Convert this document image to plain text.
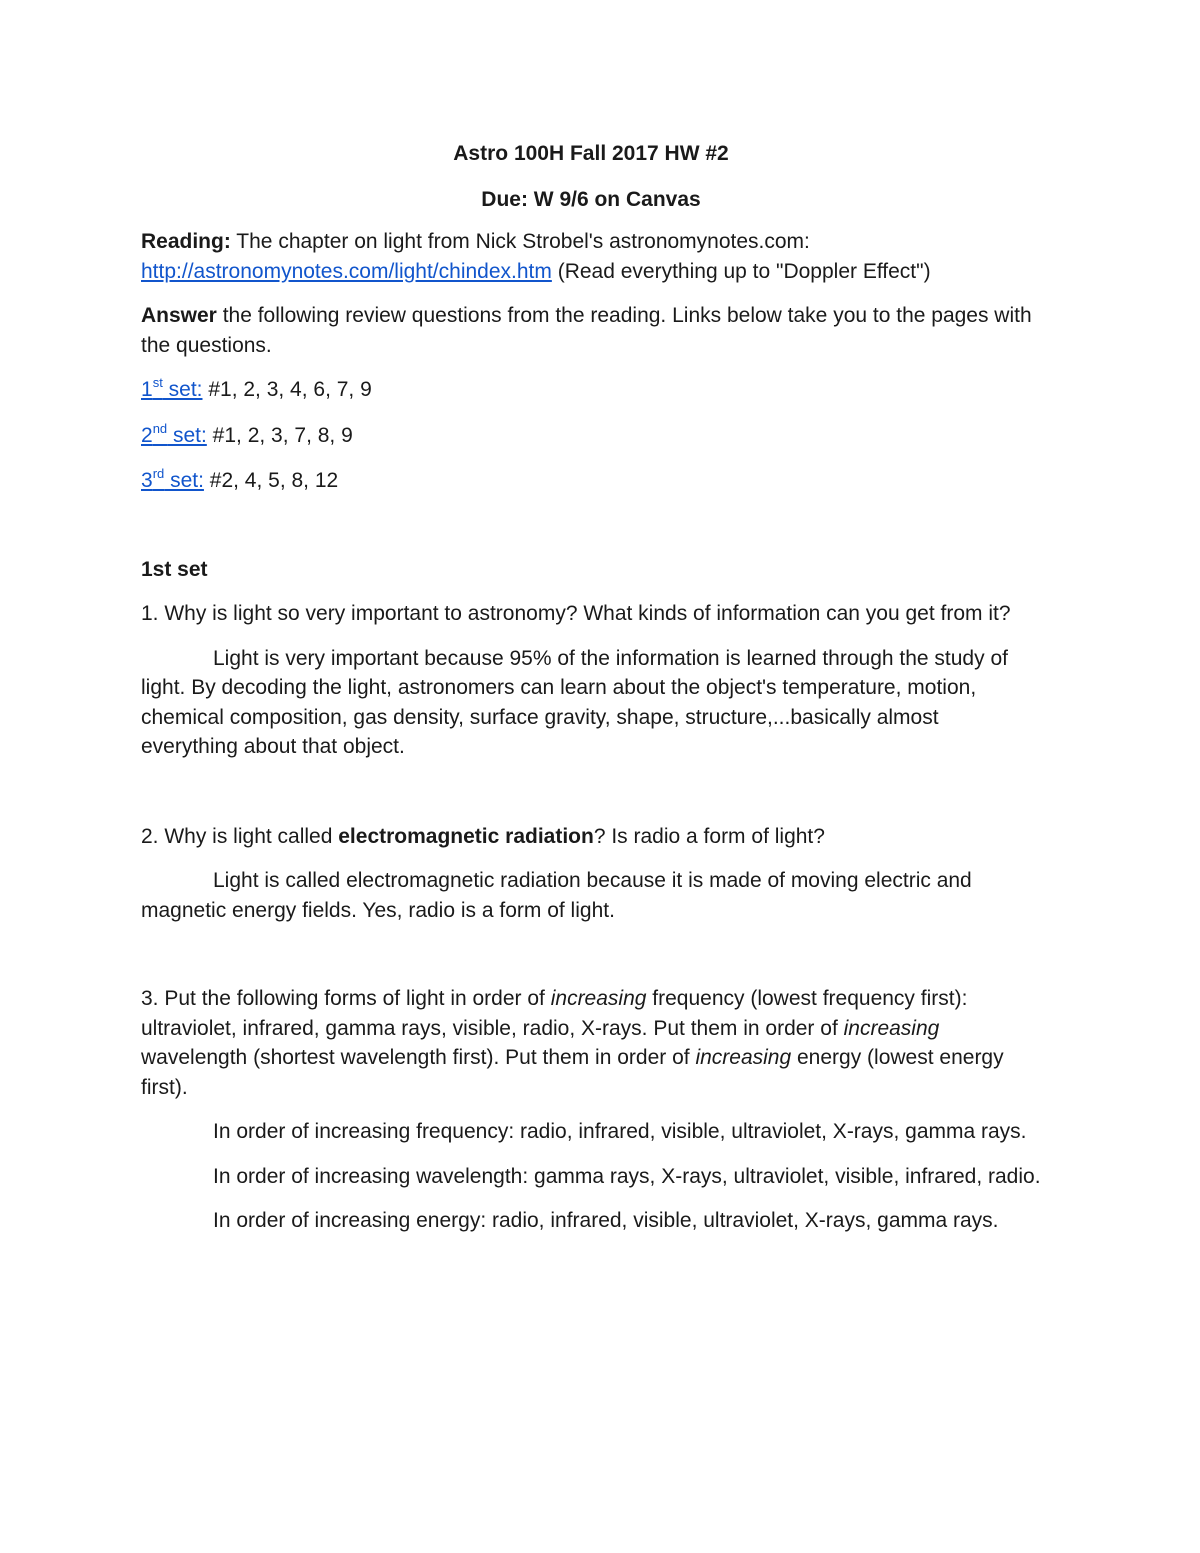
Astro 100H Fall 2017 HW #2

Due: W 9/6 on Canvas

Reading: The chapter on light from Nick Strobel's astronomynotes.com:
http://astronomynotes.com/light/chindex.htm (Read everything up to "Doppler Effect")

Answer the following review questions from the reading. Links below take you to the pages with the questions.

1st set: #1, 2, 3, 4, 6, 7, 9

2nd set: #1, 2, 3, 7, 8, 9

3rd set: #2, 4, 5, 8, 12

1st set

1. Why is light so very important to astronomy? What kinds of information can you get from it?

Light is very important because 95% of the information is learned through the study of light. By decoding the light, astronomers can learn about the object's temperature, motion, chemical composition, gas density, surface gravity, shape, structure,...basically almost everything about that object.

2. Why is light called electromagnetic radiation? Is radio a form of light?

Light is called electromagnetic radiation because it is made of moving electric and magnetic energy fields. Yes, radio is a form of light.

3. Put the following forms of light in order of increasing frequency (lowest frequency first): ultraviolet, infrared, gamma rays, visible, radio, X-rays. Put them in order of increasing wavelength (shortest wavelength first). Put them in order of increasing energy (lowest energy first).

In order of increasing frequency: radio, infrared, visible, ultraviolet, X-rays, gamma rays.

In order of increasing wavelength: gamma rays, X-rays, ultraviolet, visible, infrared, radio.

In order of increasing energy: radio, infrared, visible, ultraviolet, X-rays, gamma rays.
